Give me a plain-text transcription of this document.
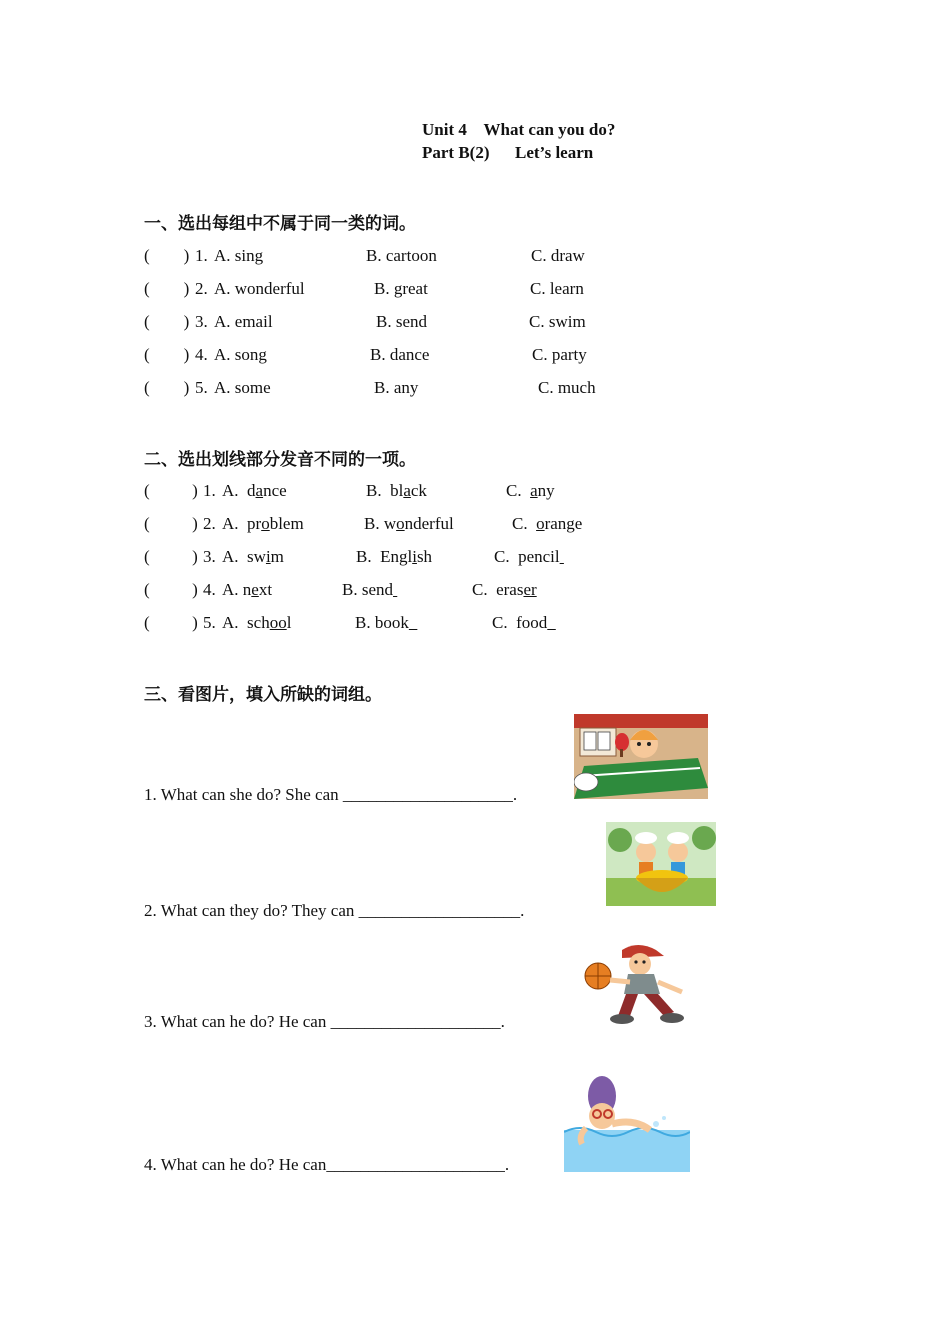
Unit 4    What can you do?
Part B(2)      Let’s learn
一、选出每组中不属于同一类的词。
(        ) 1. A. sing	B. cartoon	C. draw
(        ) 2. A. wonderful	B. great	C. learn
(        ) 3. A. email	B. send	C. swim
(        ) 4. A. song	B. dance	C. party
(        ) 5. A. some	B. any	C. much
二、选出划线部分发音不同的一项。
(          ) 1. A.  dance	B.  black	C.  any
(          ) 2. A.  problem	B. wonderful	C.  orange
(          ) 3. A.  swim	B.  English	C.  pencil
(          ) 4. A. next	B. send	C.  eraser
(          ) 5. A.  school	B. book	C.  food
三、看图片，填入所缺的词组。
1. What can she do? She can ____________________.
2. What can they do? They can ___________________.
3. What can he do? He can ____________________.
4. What can he do? He can_____________________.
